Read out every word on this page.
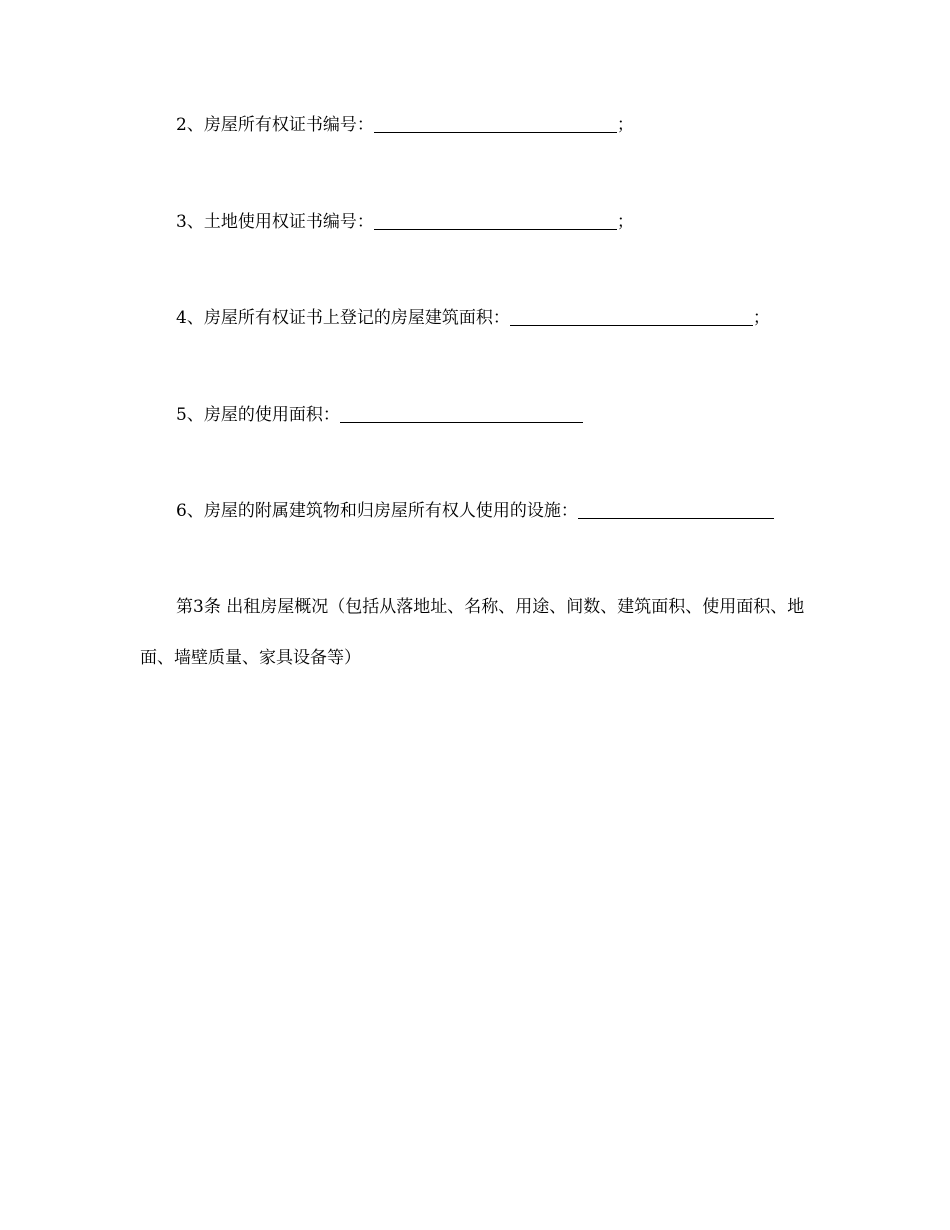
2、房屋所有权证书编号：	；
3、土地使用权证书编号：	；
4、房屋所有权证书上登记的房屋建筑面积：	；
5、房屋的使用面积：
6、房屋的附属建筑物和归房屋所有权人使用的设施：
第3条 出租房屋概况（包括从落地址、名称、用途、间数、建筑面积、使用面积、地面、墙壁质量、家具设备等）
